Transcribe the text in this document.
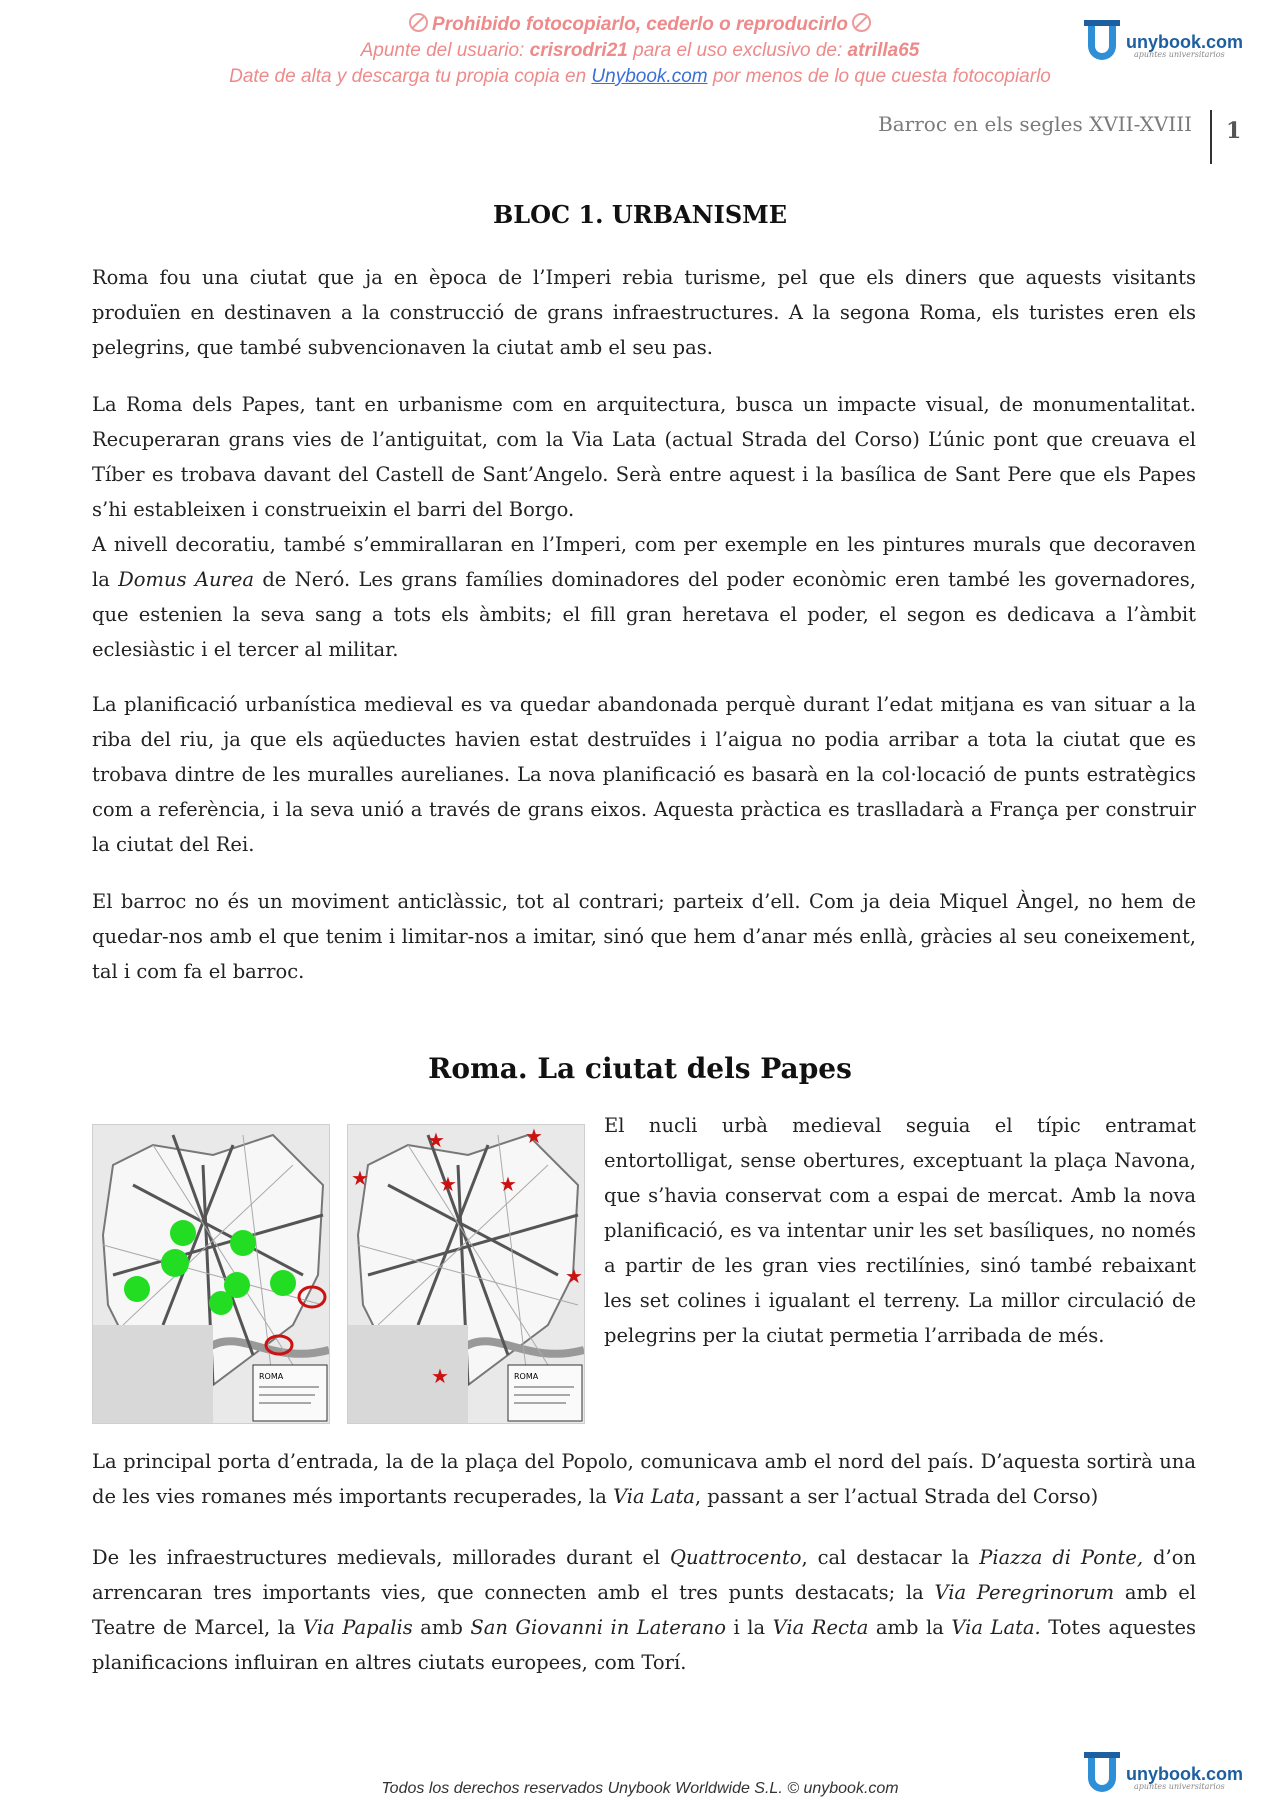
Prohibido fotocopiarlo, cederlo o reproducirlo
Apunte del usuario: crisrodri21 para el uso exclusivo de: atrilla65
Date de alta y descarga tu propia copia en Unybook.com por menos de lo que cuesta fotocopiarlo
unybook.com
apuntes universitarios
Barroc en els segles XVII-XVIII	1
BLOC 1. URBANISME

Roma fou una ciutat que ja en època de l’Imperi rebia turisme, pel que els diners que aquests visitants produïen en destinaven a la construcció de grans infraestructures. A la segona Roma, els turistes eren els pelegrins, que també subvencionaven la ciutat amb el seu pas.

La Roma dels Papes, tant en urbanisme com en arquitectura, busca un impacte visual, de monumentalitat. Recuperaran grans vies de l’antiguitat, com la Via Lata (actual Strada del Corso) L’únic pont que creuava el Tíber es trobava davant del Castell de Sant’Angelo. Serà entre aquest i la basílica de Sant Pere que els Papes s’hi estableixen i construeixin el barri del Borgo.

A nivell decoratiu, també s’emmirallaran en l’Imperi, com per exemple en les pintures murals que decoraven la Domus Aurea de Neró. Les grans famílies dominadores del poder econòmic eren també les governadores, que estenien la seva sang a tots els àmbits; el fill gran heretava el poder, el segon es dedicava a l’àmbit eclesiàstic i el tercer al militar.

La planificació urbanística medieval es va quedar abandonada perquè durant l’edat mitjana es van situar a la riba del riu, ja que els aqüeductes havien estat destruïdes i l’aigua no podia arribar a tota la ciutat que es trobava dintre de les muralles aurelianes. La nova planificació es basarà en la col·locació de punts estratègics com a referència, i la seva unió a través de grans eixos. Aquesta pràctica es traslladarà a França per construir la ciutat del Rei.

El barroc no és un moviment anticlàssic, tot al contrari; parteix d’ell. Com ja deia Miquel Àngel, no hem de quedar-nos amb el que tenim i limitar-nos a imitar, sinó que hem d’anar més enllà, gràcies al seu coneixement, tal i com fa el barroc.

Roma. La ciutat dels Papes
ROMA	ROMA
★	★
★	★ ★
★
★

El nucli urbà medieval seguia el típic entramat entortolligat, sense obertures, exceptuant la plaça Navona, que s’havia conservat com a espai de mercat. Amb la nova planificació, es va intentar unir les set basíliques, no només a partir de les gran vies rectilínies, sinó també rebaixant les set colines i igualant el terreny. La millor circulació de pelegrins per la ciutat permetia l’arribada de més.

La principal porta d’entrada, la de la plaça del Popolo, comunicava amb el nord del país. D’aquesta sortirà una de les vies romanes més importants recuperades, la Via Lata, passant a ser l’actual Strada del Corso)

De les infraestructures medievals, millorades durant el Quattrocento, cal destacar la Piazza di Ponte, d’on arrencaran tres importants vies, que connecten amb el tres punts destacats; la Via Peregrinorum amb el Teatre de Marcel, la Via Papalis amb San Giovanni in Laterano i la Via Recta amb la Via Lata. Totes aquestes planificacions influiran en altres ciutats europees, com Torí.

Todos los derechos reservados Unybook Worldwide S.L. © unybook.com
unybook.com
apuntes universitarios
